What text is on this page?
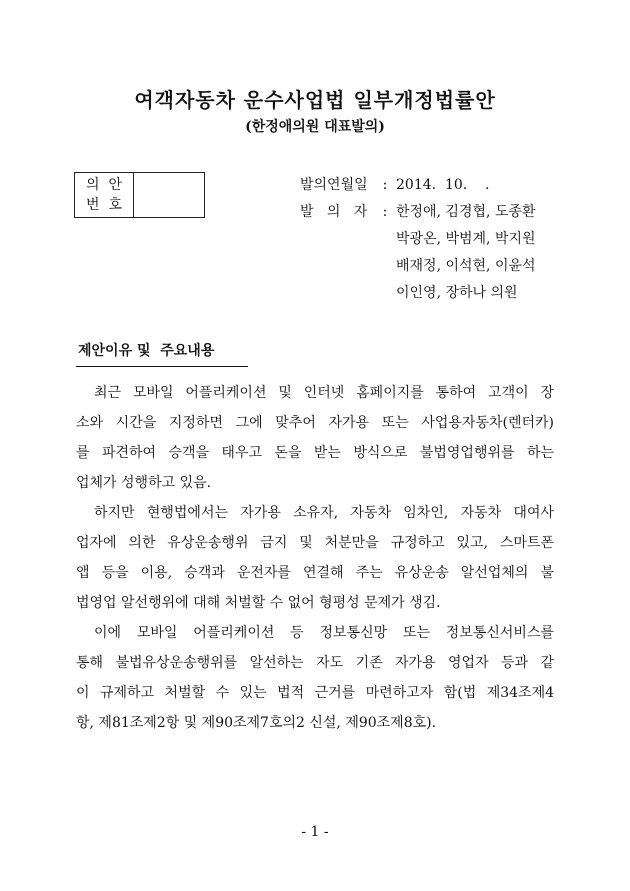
여객자동차 운수사업법 일부개정법률안
(한정애의원 대표발의)
의  안
번  호

발의연월일	: 2014.  10.    .
발   의   자	: 한정애, 김경협, 도종환
박광온, 박범계, 박지원
배재정, 이석현, 이윤석
이인영, 장하나 의원
제안이유 및  주요내용
최근 모바일 어플리케이션 및 인터넷 홈페이지를 통하여 고객이 장
소와 시간을 지정하면 그에 맞추어 자가용 또는 사업용자동차(렌터카)
를 파견하여 승객을 태우고 돈을 받는 방식으로 불법영업행위를 하는
업체가 성행하고 있음.
하지만 현행법에서는 자가용 소유자, 자동차 임차인, 자동차 대여사
업자에 의한 유상운송행위 금지 및 처분만을 규정하고 있고, 스마트폰
앱 등을 이용, 승객과 운전자를 연결해 주는 유상운송 알선업체의 불
법영업 알선행위에 대해 처벌할 수 없어 형평성 문제가 생김.
이에 모바일 어플리케이션 등 정보통신망 또는 정보통신서비스를
통해 불법유상운송행위를 알선하는 자도 기존 자가용 영업자 등과 같
이 규제하고 처벌할 수 있는 법적 근거를 마련하고자 함(법 제34조제4
항, 제81조제2항 및 제90조제7호의2 신설, 제90조제8호).
- 1 -
